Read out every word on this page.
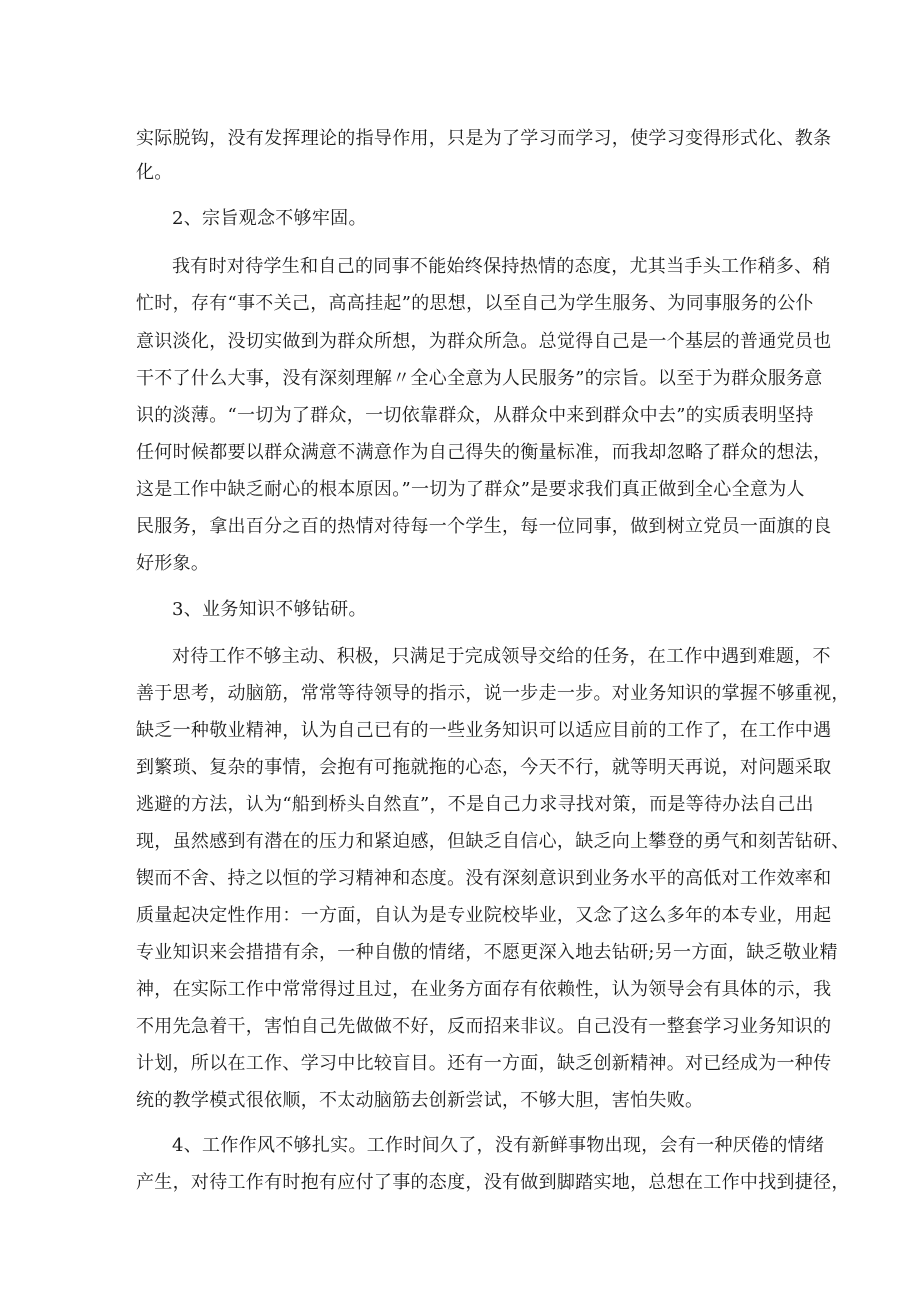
实际脱钩，没有发挥理论的指导作用，只是为了学习而学习，使学习变得形式化、教条
化。
2、宗旨观念不够牢固。
我有时对待学生和自己的同事不能始终保持热情的态度，尤其当手头工作稍多、稍
忙时，存有“事不关己，高高挂起”的思想，以至自己为学生服务、为同事服务的公仆
意识淡化，没切实做到为群众所想，为群众所急。总觉得自己是一个基层的普通党员也
干不了什么大事，没有深刻理解〃全心全意为人民服务”的宗旨。以至于为群众服务意
识的淡薄。“一切为了群众，一切依靠群众，从群众中来到群众中去”的实质表明坚持
任何时候都要以群众满意不满意作为自己得失的衡量标准，而我却忽略了群众的想法，
这是工作中缺乏耐心的根本原因。”一切为了群众”是要求我们真正做到全心全意为人
民服务，拿出百分之百的热情对待每一个学生，每一位同事，做到树立党员一面旗的良
好形象。
3、业务知识不够钻研。
对待工作不够主动、积极，只满足于完成领导交给的任务，在工作中遇到难题，不
善于思考，动脑筋，常常等待领导的指示，说一步走一步。对业务知识的掌握不够重视，
缺乏一种敬业精神，认为自己已有的一些业务知识可以适应目前的工作了，在工作中遇
到繁琐、复杂的事情，会抱有可拖就拖的心态，今天不行，就等明天再说，对问题采取
逃避的方法，认为“船到桥头自然直”，不是自己力求寻找对策，而是等待办法自己出
现，虽然感到有潜在的压力和紧迫感，但缺乏自信心，缺乏向上攀登的勇气和刻苦钻研、
锲而不舍、持之以恒的学习精神和态度。没有深刻意识到业务水平的高低对工作效率和
质量起决定性作用：一方面，自认为是专业院校毕业，又念了这么多年的本专业，用起
专业知识来会措措有余，一种自傲的情绪，不愿更深入地去钻研;另一方面，缺乏敬业精
神，在实际工作中常常得过且过，在业务方面存有依赖性，认为领导会有具体的示，我
不用先急着干，害怕自己先做做不好，反而招来非议。自己没有一整套学习业务知识的
计划，所以在工作、学习中比较盲目。还有一方面，缺乏创新精神。对已经成为一种传
统的教学模式很依顺，不太动脑筋去创新尝试，不够大胆，害怕失败。
4、工作作风不够扎实。工作时间久了，没有新鲜事物出现，会有一种厌倦的情绪
产生，对待工作有时抱有应付了事的态度，没有做到脚踏实地，总想在工作中找到捷径，
